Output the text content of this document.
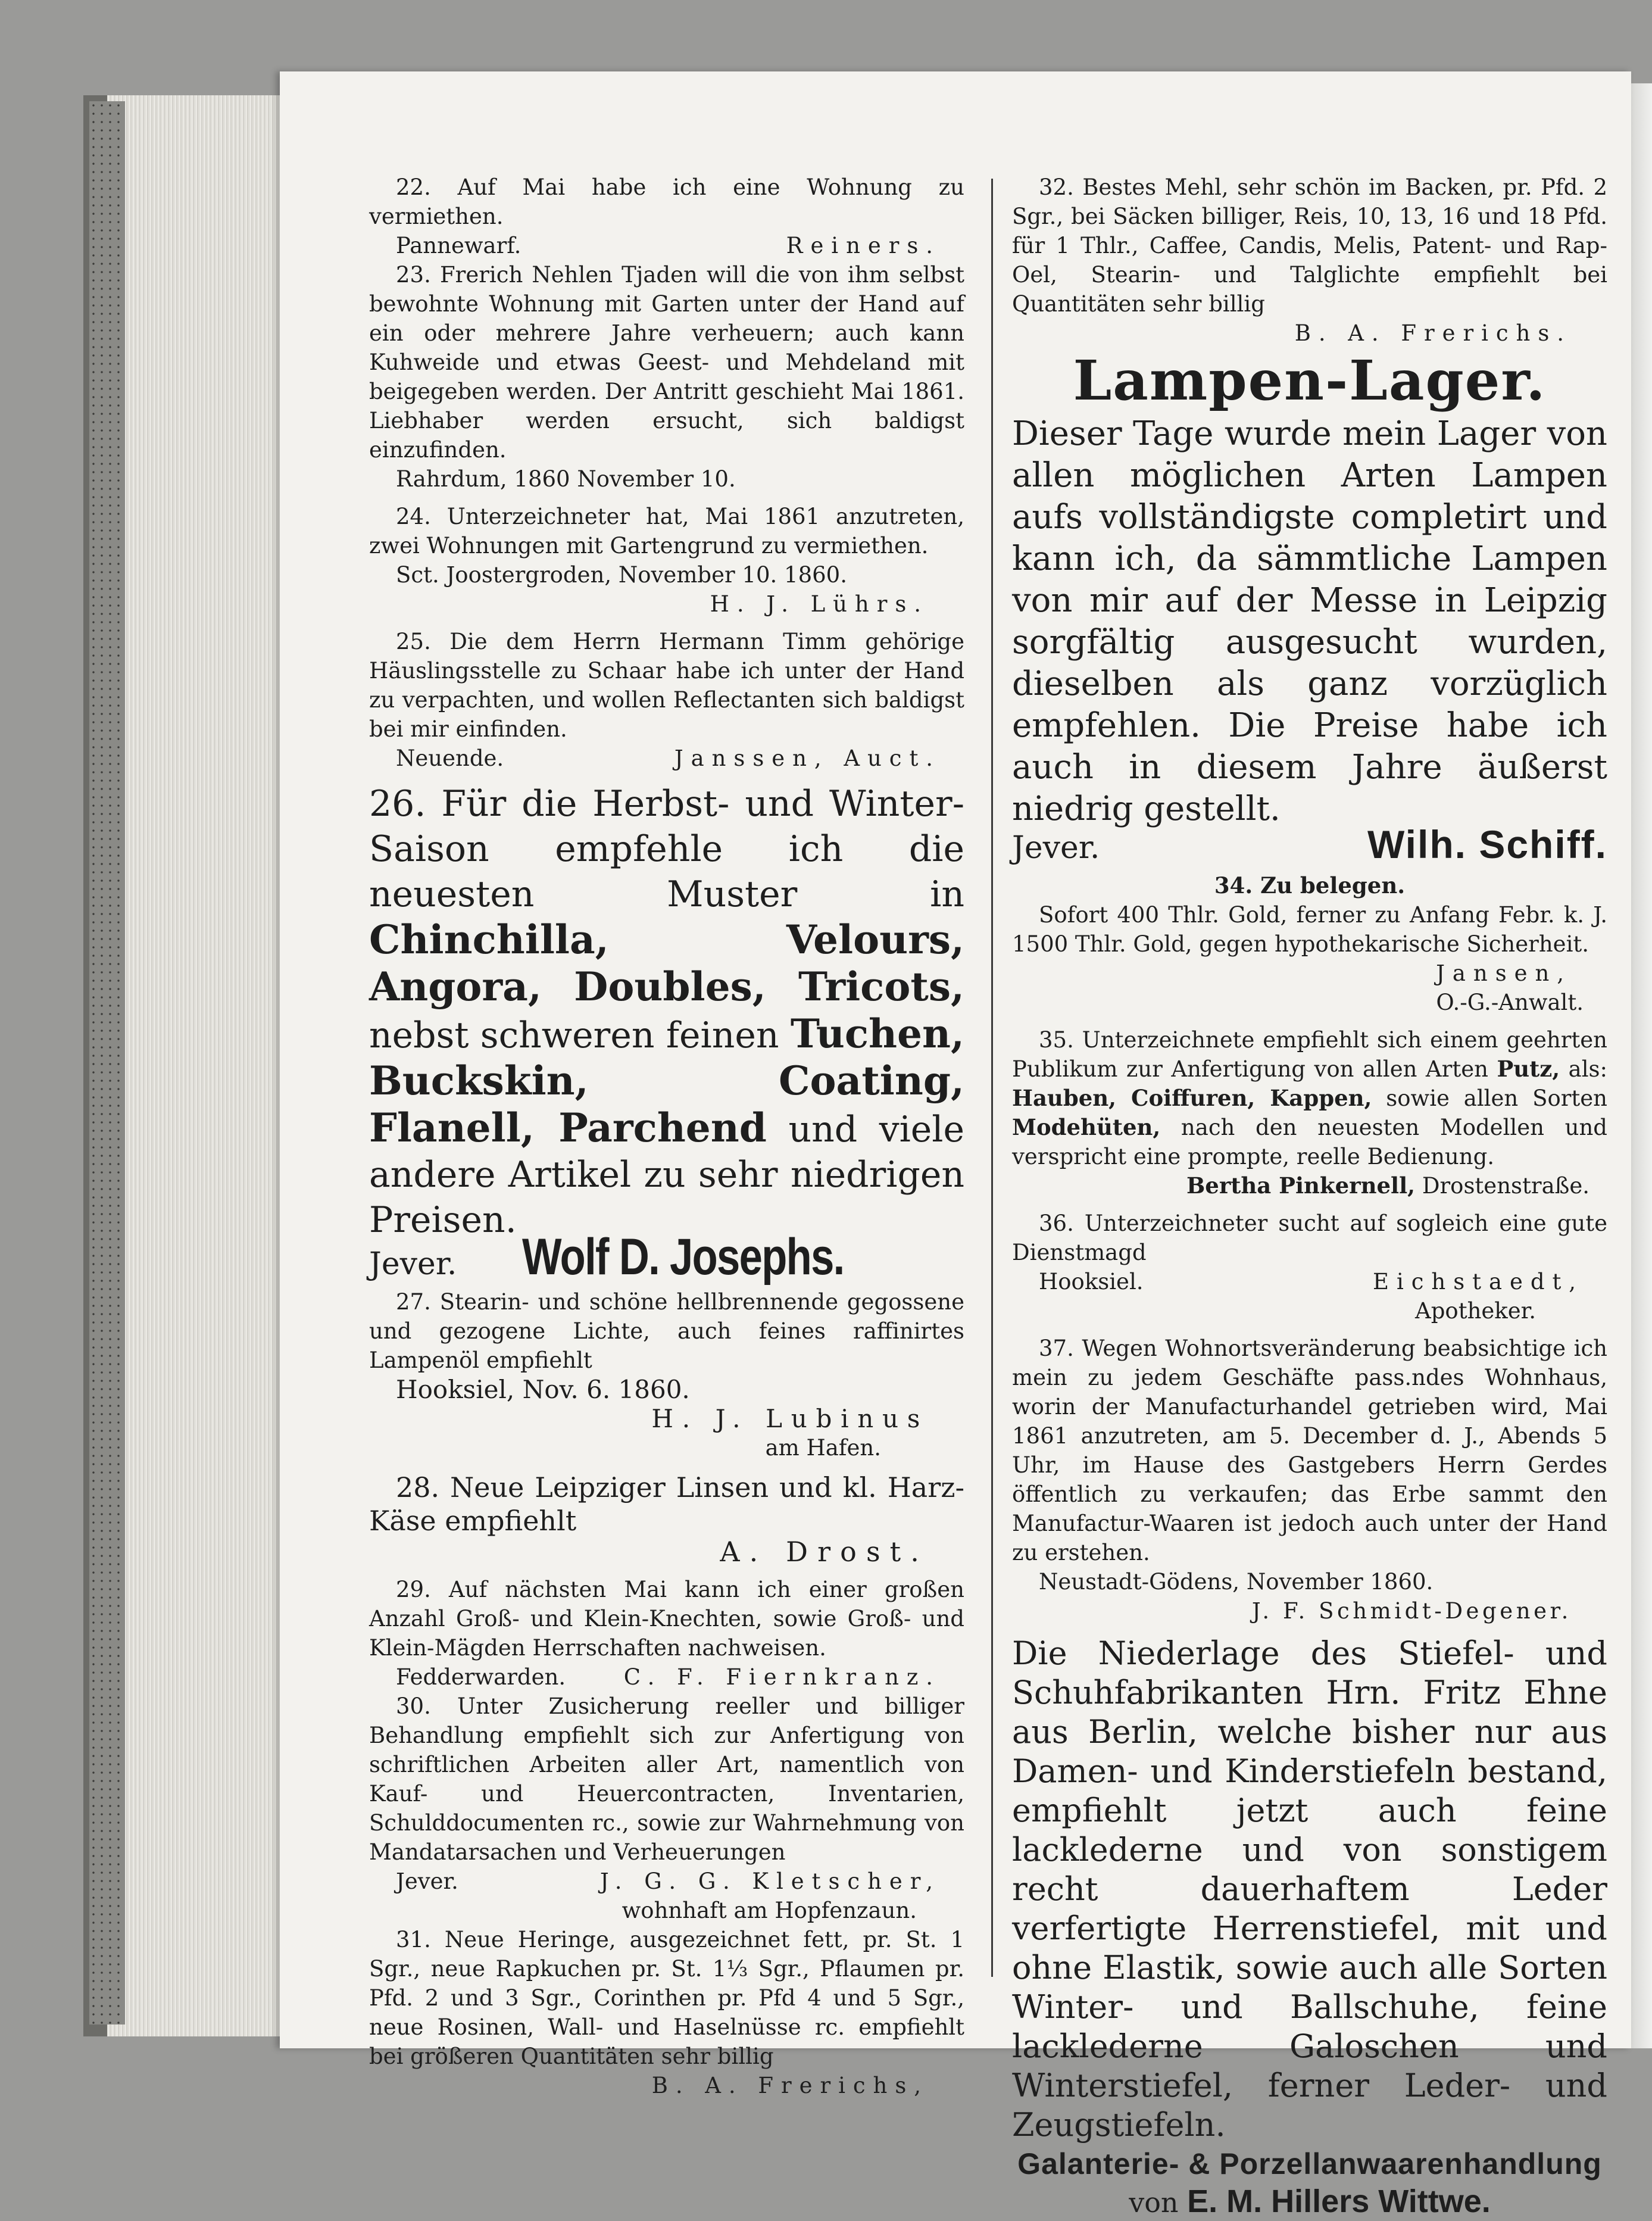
22. Auf Mai habe ich eine Wohnung zu vermiethen.

Pannewarf.	Reiners.

23. Frerich Nehlen Tjaden will die von ihm selbst bewohnte Wohnung mit Garten unter der Hand auf ein oder mehrere Jahre verheuern; auch kann Kuhweide und etwas Geest- und Mehdeland mit beigegeben werden. Der Antritt geschieht Mai 1861. Liebhaber werden ersucht, sich baldigst einzufinden.

Rahrdum, 1860 November 10.

24. Unterzeichneter hat, Mai 1861 anzutreten, zwei Wohnungen mit Gartengrund zu vermiethen.

Sct. Joostergroden, November 10. 1860.

H. J. Lührs.

25. Die dem Herrn Hermann Timm gehörige Häuslingsstelle zu Schaar habe ich unter der Hand zu verpachten, und wollen Reflectanten sich baldigst bei mir einfinden.

Neuende.	Janssen, Auct.

26. Für die Herbst- und Winter-Saison empfehle ich die neuesten Muster in Chinchilla, Velours, Angora, Doubles, Tricots, nebst schweren feinen Tuchen, Buckskin, Coating, Flanell, Parchend und viele andere Artikel zu sehr niedrigen Preisen.

Jever. Wolf D. Josephs.

27. Stearin- und schöne hellbrennende gegossene und gezogene Lichte, auch feines raffinirtes Lampenöl empfiehlt

Hooksiel, Nov. 6. 1860.

H. J. Lubinus

am Hafen.

28. Neue Leipziger Linsen und kl. Harz-Käse empfiehlt

A. Drost.

29. Auf nächsten Mai kann ich einer großen Anzahl Groß- und Klein-Knechten, sowie Groß- und Klein-Mägden Herrschaften nachweisen.

Fedderwarden.	C. F. Fiernkranz.

30. Unter Zusicherung reeller und billiger Behandlung empfiehlt sich zur Anfertigung von schriftlichen Arbeiten aller Art, namentlich von Kauf- und Heuercontracten, Inventarien, Schulddocumenten rc., sowie zur Wahrnehmung von Mandatarsachen und Verheuerungen

Jever.	J. G. G. Kletscher,

wohnhaft am Hopfenzaun.

31. Neue Heringe, ausgezeichnet fett, pr. St. 1 Sgr., neue Rapkuchen pr. St. 1⅓ Sgr., Pflaumen pr. Pfd. 2 und 3 Sgr., Corinthen pr. Pfd 4 und 5 Sgr., neue Rosinen, Wall- und Haselnüsse rc. empfiehlt bei größeren Quantitäten sehr billig

B. A. Frerichs,

32. Bestes Mehl, sehr schön im Backen, pr. Pfd. 2 Sgr., bei Säcken billiger, Reis, 10, 13, 16 und 18 Pfd. für 1 Thlr., Caffee, Candis, Melis, Patent- und Rap-Oel, Stearin- und Talglichte empfiehlt bei Quantitäten sehr billig

B. A. Frerichs.

Lampen-Lager.

Dieser Tage wurde mein Lager von allen möglichen Arten Lampen aufs vollständigste completirt und kann ich, da sämmtliche Lampen von mir auf der Messe in Leipzig sorgfältig ausgesucht wurden, dieselben als ganz vorzüglich empfehlen. Die Preise habe ich auch in diesem Jahre äußerst niedrig gestellt.

Jever.	Wilh. Schiff.

34. Zu belegen.

Sofort 400 Thlr. Gold, ferner zu Anfang Febr. k. J. 1500 Thlr. Gold, gegen hypothekarische Sicherheit.

Jansen,

O.-G.-Anwalt.

35. Unterzeichnete empfiehlt sich einem geehrten Publikum zur Anfertigung von allen Arten Putz, als: Hauben, Coiffuren, Kappen, sowie allen Sorten Modehüten, nach den neuesten Modellen und verspricht eine prompte, reelle Bedienung.

Bertha Pinkernell, Drostenstraße.

36. Unterzeichneter sucht auf sogleich eine gute Dienstmagd

Hooksiel.	Eichstaedt,

Apotheker.

37. Wegen Wohnortsveränderung beabsichtige ich mein zu jedem Geschäfte pass.ndes Wohnhaus, worin der Manufacturhandel getrieben wird, Mai 1861 anzutreten, am 5. December d. J., Abends 5 Uhr, im Hause des Gastgebers Herrn Gerdes öffentlich zu verkaufen; das Erbe sammt den Manufactur-Waaren ist jedoch auch unter der Hand zu erstehen.

Neustadt-Gödens, November 1860.

J. F. Schmidt-Degener.

Die Niederlage des Stiefel- und Schuhfabrikanten Hrn. Fritz Ehne aus Berlin, welche bisher nur aus Damen- und Kinderstiefeln bestand, empfiehlt jetzt auch feine lacklederne und von sonstigem recht dauerhaftem Leder verfertigte Herrenstiefel, mit und ohne Elastik, sowie auch alle Sorten Winter- und Ballschuhe, feine lacklederne Galoschen und Winterstiefel, ferner Leder- und Zeugstiefeln.

Galanterie- & Porzellanwaarenhandlung
von E. M. Hillers Wittwe.
